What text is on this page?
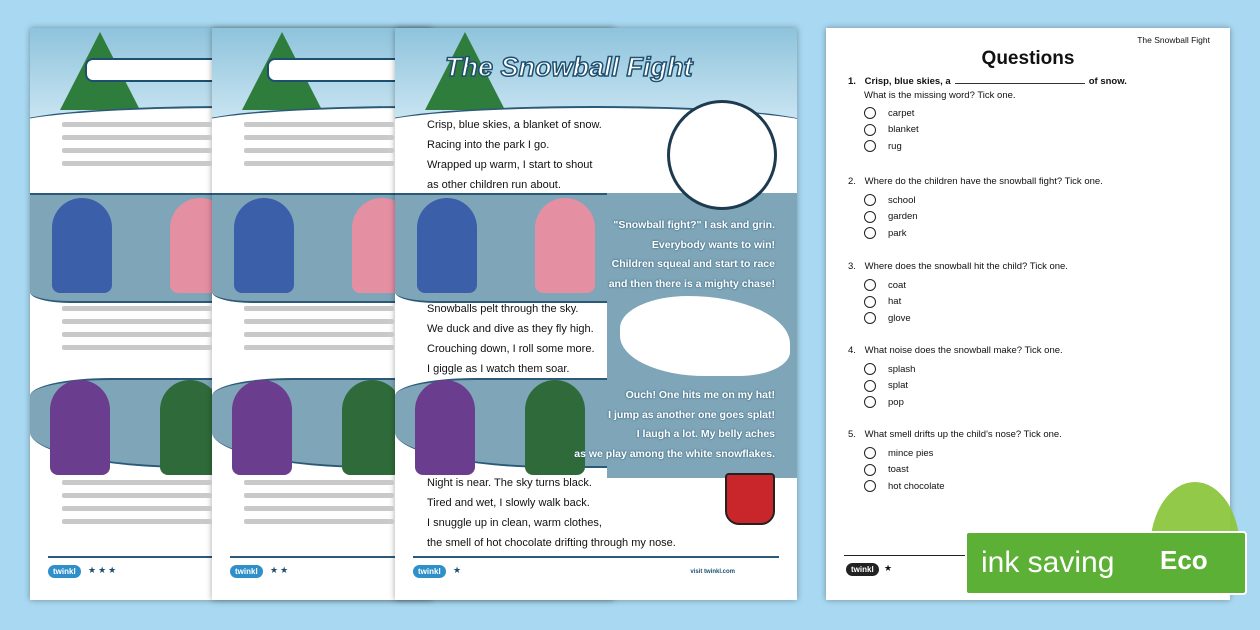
twinkl	★★★	twinkl	★★
The Snowball Fight
"Snowball fight?" I ask and grin.
Everybody wants to win!
Children squeal and start to race
and then there is a mighty chase!
Ouch! One hits me on my hat!
I jump as another one goes splat!
I laugh a lot. My belly aches
as we play among the white snowflakes.
visit twinkl.com
Crisp, blue skies, a blanket of snow.
Racing into the park I go.
Wrapped up warm, I start to shout
as other children run about.
Snowballs pelt through the sky.
We duck and dive as they fly high.
Crouching down, I roll some more.
I giggle as I watch them soar.
Night is near. The sky turns black.
Tired and wet, I slowly walk back.
I snuggle up in clean, warm clothes,
the smell of hot chocolate drifting through my nose.
twinkl	★
The Snowball Fight
Questions
1. Crisp, blue skies, a	of snow.
What is the missing word? Tick one.
carpet
blanket
rug
2. Where do the children have the snowball fight? Tick one.
school
garden
park
3. Where does the snowball hit the child? Tick one.
coat
hat
glove
4. What noise does the snowball make? Tick one.
splash
splat
pop
5. What smell drifts up the child's nose? Tick one.
mince pies
toast
hot chocolate
twinkl	★	ink saving	Eco
